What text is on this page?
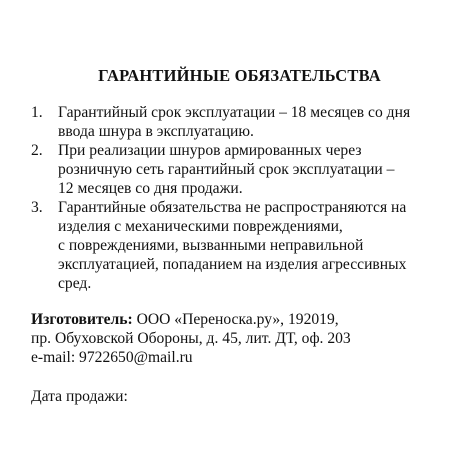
ГАРАНТИЙНЫЕ ОБЯЗАТЕЛЬСТВА
1. Гарантийный срок эксплуатации – 18 месяцев со дня
ввода шнура в эксплуатацию.
2. При реализации шнуров армированных через
розничную сеть гарантийный срок эксплуатации –
12 месяцев со дня продажи.
3. Гарантийные обязательства не распространяются на
изделия с механическими повреждениями,
с повреждениями, вызванными неправильной
эксплуатацией, попаданием на изделия агрессивных
сред.
Изготовитель: ООО «Переноска.ру», 192019,
пр. Обуховской Обороны, д. 45, лит. ДТ, оф. 203
e-mail: 9722650@mail.ru
Дата продажи:
